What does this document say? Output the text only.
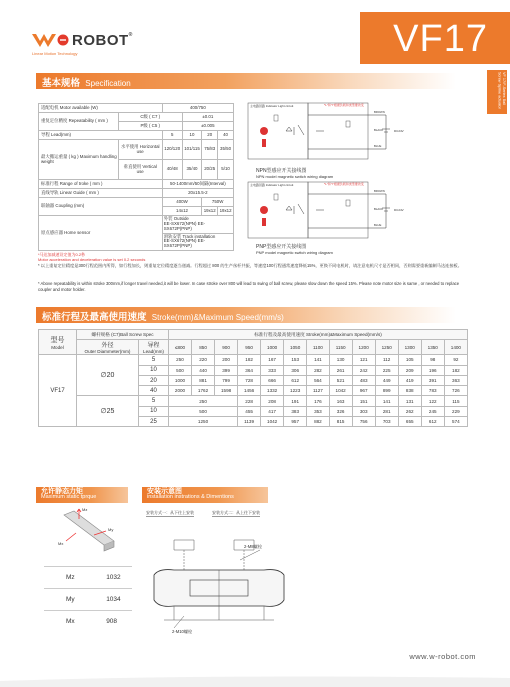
ROBOT®
Linear Motion Technology	VF17
VF 17/F-Series Ball Screw Spline actuator
基本规格 Specification
适配电机 Motor available (W)		400/750			
重复定位精度 Repeatability ( mm )	C级 ( C7 )		±0.01		
	P级 ( C5 )		±0.005		
导程 Lead(mm)		5	10	20	40
最大搬运重量 ( kg ) Maximum handling weight	水平使用 Horizontal use	120/120	101/115	75/83	35/50
	垂直使用 Vertical use	40/48	35/40	20/25	5/10
标准行程 Range of troke ( mm )		50-1400mm/50间隔(Interval)			
直线导轨 Linear Guide ( mm )		20x15.5-2			
联轴器 Coupling (mm)		400W		750W	
		14x12		19x12	19x12
原点感应器 Home sensor		外装 Outside
EE-SX672(NPN) EE-SX672P(PNP)			
		滑轨安装 Track installation
EE-SX672(NPN) EE-SX672P(PNP)			
主电路回路 Indicator Light circuit	*L"和"I"根据负载和类型要改变
BROWN
BLACK
BLUE
DC24V
NPN型感应开关接线图
NPN model magnetic switch wiring diagram
主电路回路 Indicator Light circuit	*L"和"I"根据负载和类型要改变
BROWN
BLACK
BLUE
DC24V
PNP型感应开关接线图
PNP model magnetic switch wiring diagram
*马达加减速设定值为0.2秒
Motor acceleration and deceleration value is set 0.2 seconds
* 以上重复定位精度是300行程范围内所得，如行程加长，则重复定位精度逐当递减。行程超过 800 的生产丝杆共振，等速度100行程通常速度降低15%，更换不同电机时，请注意电机尺寸是否相同，否则需要重新编制马达连接板。
* Above repeatability is within stroke 300mm,if longer travel needed,it will be lower. In case stroke over 800 will lead to swing of ball screw, please slow down the speed 15%. Please note motor size is same , or needed to replace coupler and motor holder.
标准行程及最高使用速度 Stroke(mm)&Maximum Speed(mm/s)
型号
Model	螺杆规格 (C7)Ball Screw Spec		标准行程及最高使用速度 Stroke(mm)&Maximum Speed(mm/s)												
	外径
Outer Diammeter(mm)	导程
Lead(mm)	≤800	850	900	950	1000	1050	1100	1150	1200	1250	1300	1350	1400
VF17	∅20	5	250	220	200	182	167	153	141	130	121	112	105	98	92
		10	500	440	399	364	333	306	282	261	242	225	209	196	182
		20	1000	881	799	728	666	612	564	521	483	449	419	391	363
		40	2000	1762	1598	1456	1332	1223	1127	1042	967	899	838	783	726
	∅25	5	250			228	208	191	176	163	151	141	131	122	115
		10	500			455	417	383	353	326	303	281	262	245	229
		25	1250			1139	1042	957	882	815	756	703	655	612	574
允许静态力矩
Maximum static tprque
Mz
My
Mx
Mz	1032
My	1034
Mx	908
安装示意图
installation instrations & Dimentions
安装方式一：从下往上安装	安装方式二：从上往下安装
2-M8螺栓
2-M10螺栓
www.w-robot.com
